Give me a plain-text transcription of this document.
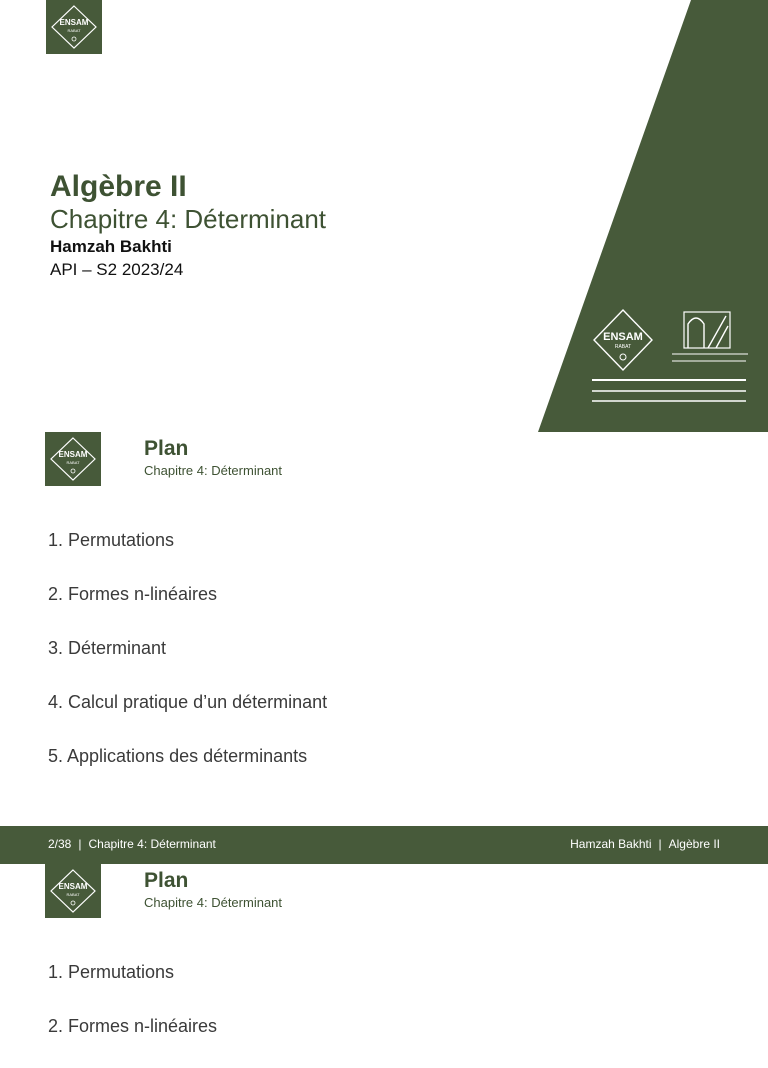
ENSAM
RABAT
Algèbre II
Chapitre 4: Déterminant
Hamzah Bakhti
API – S2 2023/24
ENSAM
RABAT
ENSAM
RABAT
Plan
Chapitre 4: Déterminant
1. Permutations
2. Formes n-linéaires
3. Déterminant
4. Calcul pratique d’un déterminant
5. Applications des déterminants
2/38 | Chapitre 4: Déterminant	Hamzah Bakhti | Algèbre II
ENSAM
RABAT
Plan
Chapitre 4: Déterminant
1. Permutations
2. Formes n-linéaires
